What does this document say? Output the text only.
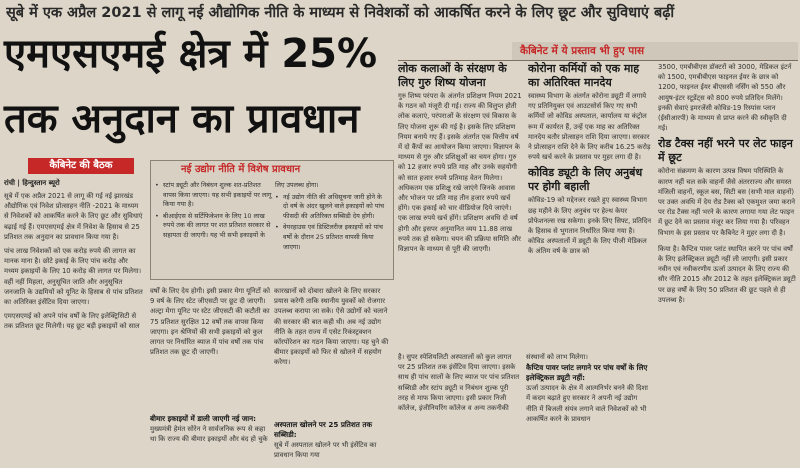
सूबे में एक अप्रैल 2021 से लागू नई औद्योगिक नीति के माध्यम से निवेशकों को आकर्षित करने के लिए छूट और सुविधाएं बढ़ीं
एमएसएमई क्षेत्र में 25%
तक अनुदान का प्रावधान
कैबिनेट की बैठक
रांची | हिन्दुस्तान ब्यूरो
सूबे में एक अप्रैल 2021 से लागू की गई नई झारखंड औद्योगिक एवं निवेश प्रोत्साहन नीति -2021 के माध्यम से निवेशकों को आकर्षित करने के लिए छूट और सुविधाएं बढ़ाई गई हैं। एमएसएमई क्षेत्र में निवेश के हिसाब से 25 प्रतिशत तक अनुदान का प्रावधान किया गया है।
पांच लाख निवेशकों को एक करोड़ रुपये की लागत का मानक माना है। छोटे इकाई के लिए पांच करोड़ और मध्यम इकाइयों के लिए 10 करोड़ की लागत पर मिलेगा। वहीं नहीं मिहला, अनुसूचित जाति और अनुसूचित जनजाति के उद्यमियों को यूनिट के हिसाब से पांच प्रतिशत का अतिरिक्त इंसेंटिव दिया जाएगा।
एमएसएमई को अपने पांच वर्षों के लिए इलेक्ट्रिसिटी से तक प्रतिशत छूट मिलेगी। यह छूट बड़ी इकाइयों को साल
नई उद्योग नीति में विशेष प्रावधान
• स्टांप ड्यूटी और निबंधन शुल्क शत-प्रतिशत वापस किया जाएगा। यह सभी इकाइयों पर लागू किया गया है।
• बीआईएस से सर्टिफिकेशन के लिए 10 लाख रुपये तक की लागत पर शत प्रतिशत सरकार से सहायता दी जाएगी। यह भी सभी इकाइयों के
लिए उपलब्ध होगा।
• नई उद्योग नीति की अधिसूचना जारी होने के दो वर्ष के अंदर खुलने वाले इकाइयों को पांच फीसदी की अतिरिक्त सब्सिडी देय होगी।
• वेयरहाउस एवं डिस्टिलरीज इकाइयों को पांच वर्षों के दौरान 25 प्रतिशत वापसी किया जाएगा।
वर्षों के लिए देय होगी। इसी प्रकार मेगा यूनिटों को 9 वर्ष के लिए स्टेट जीएसटी पर छूट दी जाएगी। अल्ट्रा मेगा यूनिट पर स्टेट जीएसटी की कटौती का 75 प्रतिशत सुरक्षित 12 वर्षों तक वापस किया जाएगा। इन श्रेणियों की सभी इकाइयों को कुल लागत पर निर्धारित ब्याज में पांच वर्षों तक पांच प्रतिशत तक छूट दी जाएगी।
बीमार इकाइयों में डाली जाएगी नई जान:
मुख्यमंत्री हेमंत सोरेन ने सार्वजनिक रूप से कहा था कि राज्य की बीमार इकाइयों और बंद हो चुके
कारखानों को दोबारा खोलने के लिए सरकार प्रयास करेगी ताकि स्थानीय युवकों को रोजगार उपलब्ध कराया जा सके। ऐसे उद्योगों को चलाने की सरकार की बात कही थी। अब नई उद्योग नीति के तहत राज्य में एसेट रिकंस्ट्रक्शन कॉरपोरेशन का गठन किया जाएगा। यह चुने की बीमार इकाइयों को फिर से खोलने में सहयोग करेगा।
अस्पताल खोलने पर 25 प्रतिशत तक सब्सिडी:
सूबे में अस्पताल खोलने पर भी इंसेंटिव का प्रावधान किया गया
है। सुपर स्पेशियलिटी अस्पतालों को कुल लागत पर 25 प्रतिशत तक इंसेंटिव दिया जाएगा। इसके साथ ही पांच सालों के लिए ब्याज पर पांच प्रतिशत सब्सिडी और स्टांप ड्यूटी व निबंधन शुल्क पूरी तरह से माफ किया जाएगा। इसी प्रकार निजी कॉलेज, इंजीनियरिंग कॉलेज व अन्य तकनीकी
संस्थानों को लाभ मिलेगा।
कैप्टिव पावर प्लांट लगाने पर पांच वर्षों के लिए इलेक्ट्रिकल ड्यूटी नहीं:
ऊर्जा उत्पादन के क्षेत्र में आत्मनिर्भर बनने की दिशा में कदम बढ़ाते हुए सरकार ने अपनी नई उद्योग नीति में बिजली संयंत्र लगाने वाले निवेशकों को भी आकर्षित करने के प्रावधान
कैबिनेट में ये प्रस्ताव भी हुए पास
लोक कलाओं के संरक्षण के लिए गुरु शिष्य योजना
गुरु शिष्य परंपरा के अंतर्गत प्रशिक्षण नियम 2021 के गठन को मंजूरी दी गई। राज्य की विलुप्त होती लोक कलाएं, परंपराओं के संरक्षण एवं विकास के लिए योजना शुरू की गई है। इसके लिए प्रशिक्षण नियम बनाये गए हैं। इसके अंतर्गत एक वित्तीय वर्ष में दो कैंपों का आयोजन किया जाएगा। विज्ञापन के माध्यम से गुरु और प्रशिक्षुओं का चयन होगा। गुरु को 12 हजार रुपये प्रति माह और उनके सहयोगी को सात हजार रुपये प्रतिमाह वेतन मिलेगा। अधिकतम एक प्रशिक्षु रखे जाएंगे जिनके आवास और भोजन पर प्रति माह तीन हजार रुपये खर्च होंगे। एक इकाई को चार वीडियोज दिये जाएंगे। एक लाख रुपये खर्च होंगे। प्रशिक्षण अवधि दो वर्ष होगी और इसपर अनुमानित व्यय 11.88 लाख रुपये तक हो सकेगा। चयन की प्रक्रिया समिति और विज्ञापन के माध्यम से पूरी की जाएगी।
कोरोना कर्मियों को एक माह का अतिरिक्त मानदेय
स्वास्थ्य विभाग के अंतर्गत कोरोना ड्यूटी में लगाये गए प्रतिनियुक्त एवं आउटसोर्स किए गए सभी कर्मियों जो कोविड अस्पताल, कार्यालय या कंट्रोल रूम में कार्यरत हैं, उन्हें एक माह का अतिरिक्त मानदेय बतौर प्रोत्साहन राशि दिया जाएगा। सरकार ने प्रोत्साहन राशि देने के लिए करीब 16.25 करोड़ रुपये खर्च करने के प्रस्ताव पर मुहर लगा दी है।
कोविड ड्यूटी के लिए अनुबंध पर होगी बहाली
कोविड-19 को मद्देनजर रखते हुए स्वास्थ्य विभाग छह महीने के लिए अनुबंध पर हेल्थ केयर प्रोफेशनल्स रख सकेगा। इनके लिए सिफ्ट, प्रतिदिन के हिसाब से भुगतान निर्धारित किया गया है। कोविड अस्पतालों में ड्यूटी के लिए पीजी मेडिकल के अंतिम वर्ष के छात्र को
3500, एमबीबीएस डॉक्टरों को 3000, मेडिकल इंटर्न को 1500, एमबीबीएस फाइनल ईयर के छात्र को 1200, फाइनल ईयर बीएससी नर्सिंग को 550 और आयुष-इंटर स्टूडेंट्स को 800 रुपये प्रतिदिन मिलेंगे। इनकी सेवाएं इमरजेंसी कोविड-19 रिस्पांस प्लान (ईसीआरपी) के माध्यम से प्राप्त करने की स्वीकृति दी गई।
रोड टैक्स नहीं भरने पर लेट फाइन में छूट
कोरोना संक्रमण के कारण उत्पन्न विषम परिस्थिति के कारण नहीं चल सके वाहनों जैसे अंतरराज्य और समस्त मंजिली वाहनों, स्कूल बस, सिटी बस (सभी माल वाहनों) पर उक्त अवधि में देय रोड टैक्स को एकमुश्त जमा कराने पर रोड टैक्स नहीं भरने के कारण लगाया गया लेट फाइन में छूट देने का प्रस्ताव मंजूर कर लिया गया है। परिवहन विभाग के इस प्रस्ताव पर कैबिनेट ने मुहर लगा दी है।
किया है। कैप्टिव पावर प्लांट स्थापित करने पर पांच वर्षों के लिए इलेक्ट्रिकल ड्यूटी नहीं ली जाएगी। इसी प्रकार नवीन एवं नवीकरणीय ऊर्जा उत्पादन के लिए राज्य की सौर नीति 2015 और 2012 के तहत इलेक्ट्रिकल ड्यूटी पर छह वर्षों के लिए 50 प्रतिशत की छूट पहले से ही उपलब्ध है।
